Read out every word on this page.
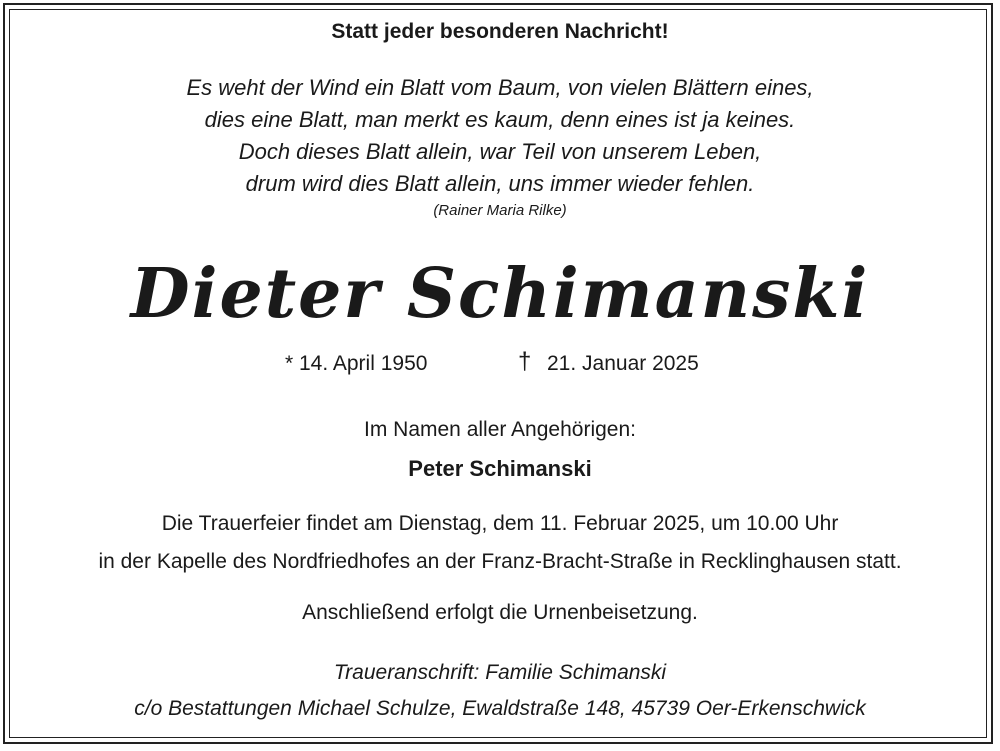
Statt jeder besonderen Nachricht!
Es weht der Wind ein Blatt vom Baum, von vielen Blättern eines,
dies eine Blatt, man merkt es kaum, denn eines ist ja keines.
Doch dieses Blatt allein, war Teil von unserem Leben,
drum wird dies Blatt allein, uns immer wieder fehlen.
(Rainer Maria Rilke)
Dieter Schimanski
* 14. April 1950	† 21. Januar 2025
Im Namen aller Angehörigen:
Peter Schimanski
Die Trauerfeier findet am Dienstag, dem 11. Februar 2025, um 10.00 Uhr
in der Kapelle des Nordfriedhofes an der Franz-Bracht-Straße in Recklinghausen statt.
Anschließend erfolgt die Urnenbeisetzung.
Traueranschrift: Familie Schimanski
c/o Bestattungen Michael Schulze, Ewaldstraße 148, 45739 Oer-Erkenschwick
